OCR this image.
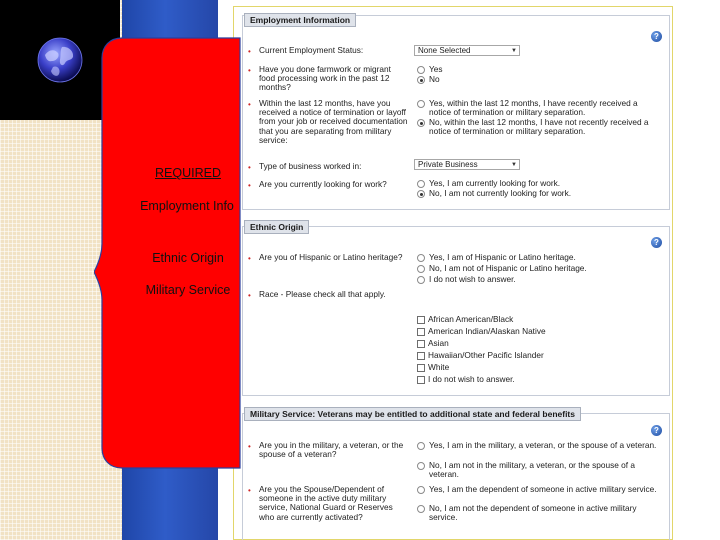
Employment Information
?
• Current Employment Status:	None Selected	▼
• Have you done farmwork or migrant food processing work in the past 12 months?
Yes
No
• Within the last 12 months, have you received a notice of termination or layoff from your job or received documentation that you are separating from military service:
Yes, within the last 12 months, I have recently received a notice of termination or military separation.
No, within the last 12 months, I have not recently received a notice of termination or military separation.
• Type of business worked in:	Private Business	▼
• Are you currently looking for work?	Yes, I am currently looking for work.
No, I am not currently looking for work.
Ethnic Origin
?
• Are you of Hispanic or Latino heritage?	Yes, I am of Hispanic or Latino heritage.
No, I am not of Hispanic or Latino heritage.
I do not wish to answer.
• Race - Please check all that apply.
African American/Black
American Indian/Alaskan Native
Asian
Hawaiian/Other Pacific Islander
White
I do not wish to answer.
Military Service: Veterans may be entitled to additional state and federal benefits
?
• Are you in the military, a veteran, or the spouse of a veteran?
Yes, I am in the military, a veteran, or the spouse of a veteran.
No, I am not in the military, a veteran, or the spouse of a veteran.
• Are you the Spouse/Dependent of someone in the active duty military service, National Guard or Reserves who are currently activated?
Yes, I am the dependent of someone in active military service.
No, I am not the dependent of someone in active military service.
REQUIRED
Employment Info
Ethnic Origin
Military Service
